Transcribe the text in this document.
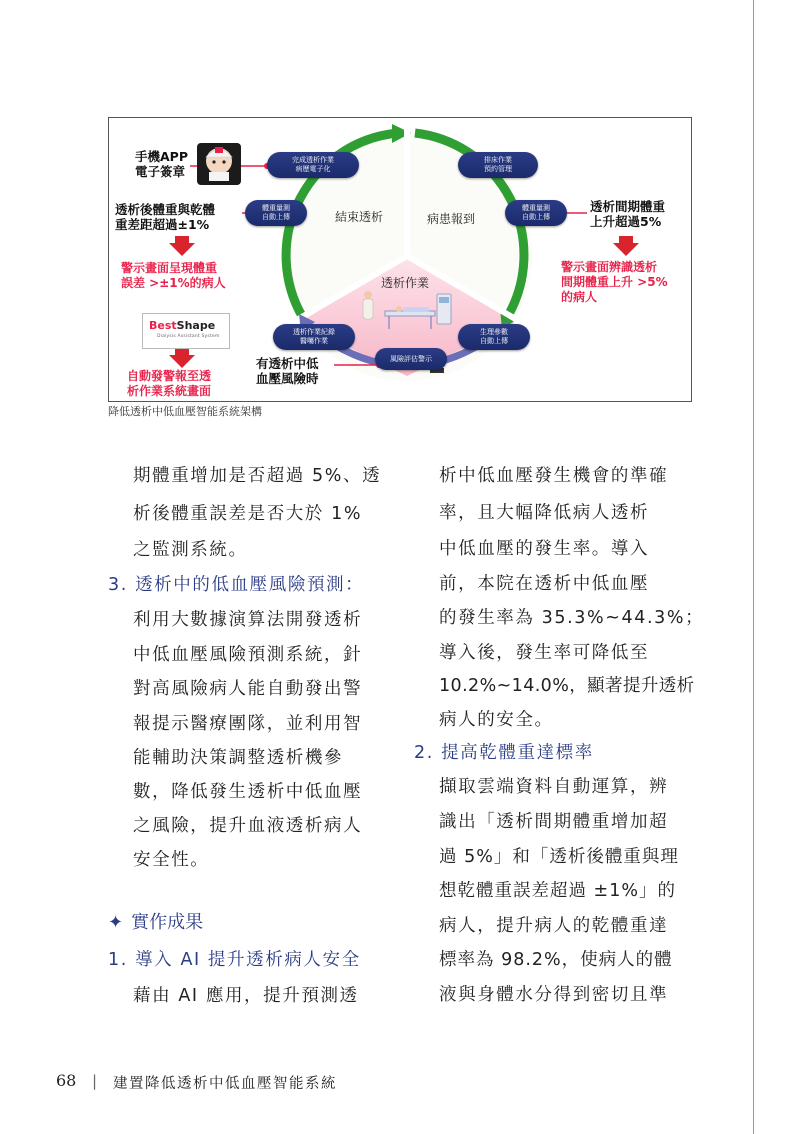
手機APP
電子簽章
完成透析作業
病歷電子化
排床作業
預約管理
體重量測
自動上傳
體重量測
自動上傳
結束透析	病患報到
透析作業
透析後體重與乾體
重差距超過±1%
透析間期體重
上升超過5%
警示畫面呈現體重
誤差 >±1%的病人
警示畫面辨識透析
間期體重上升 >5%
的病人
BestShape
Dialysis Assistant System
自動發警報至透
析作業系統畫面
透析作業紀錄
醫囑作業
生理參數
自動上傳
風險評估警示
有透析中低
血壓風險時
降低透析中低血壓智能系統架構
期體重增加是否超過 5%、透
析後體重誤差是否大於 1%
之監測系統。
3. 透析中的低血壓風險預測：
利用大數據演算法開發透析
中低血壓風險預測系統，針
對高風險病人能自動發出警
報提示醫療團隊，並利用智
能輔助決策調整透析機參
數，降低發生透析中低血壓
之風險，提升血液透析病人
安全性。
✦ 實作成果
1. 導入 AI 提升透析病人安全
藉由 AI 應用，提升預測透
析中低血壓發生機會的準確
率，且大幅降低病人透析
中低血壓的發生率。導入
前，本院在透析中低血壓
的發生率為 35.3%~44.3%；
導入後，發生率可降低至
10.2%~14.0%，顯著提升透析
病人的安全。
2. 提高乾體重達標率
擷取雲端資料自動運算，辨
識出「透析間期體重增加超
過 5%」和「透析後體重與理
想乾體重誤差超過 ±1%」的
病人，提升病人的乾體重達
標率為 98.2%，使病人的體
液與身體水分得到密切且準
68 | 建置降低透析中低血壓智能系統
